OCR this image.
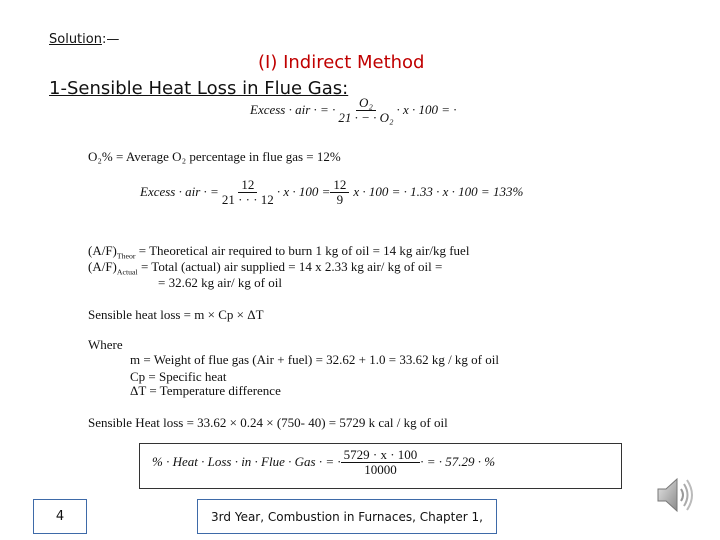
Solution:—
(I) Indirect Method
1-Sensible Heat Loss in Flue Gas:
Excess · air · = · $\frac{\text{O₂}}{\text{21 · − · O₂}} \cdot x \cdot 100$ = ·
O₂% = Average O₂ percentage in flue gas = 12%
Excess · air · = $\frac{12}{21 \cdot \cdot \cdot 12} \cdot x \cdot 100 = \frac{12}{9}$ x · 100 = · 1.33 · x · 100 = 133%
$(A/F)_{Theor}$ = Theoretical air required to burn 1 kg of oil = 14 kg air/kg fuel
$(A/F)_{Actual}$ = Total (actual) air supplied = 14 x 2.33 kg air/ kg of oil =
= 32.62 kg air/ kg of oil
Sensible heat loss = m × Cp × ΔT
Where
m = Weight of flue gas (Air + fuel) = 32.62 + 1.0 = 33.62 kg / kg of oil
Cp = Specific heat
ΔT = Temperature difference
Sensible Heat loss = 33.62 × 0.24 × (750- 40) = 5729 k cal / kg of oil
% · Heat · Loss · in · Flue · Gas · = · $\frac{5729 \cdot x \cdot 100}{10000}$ · = · 57.29 · %
4	3rd Year, Combustion in Furnaces, Chapter 1,
